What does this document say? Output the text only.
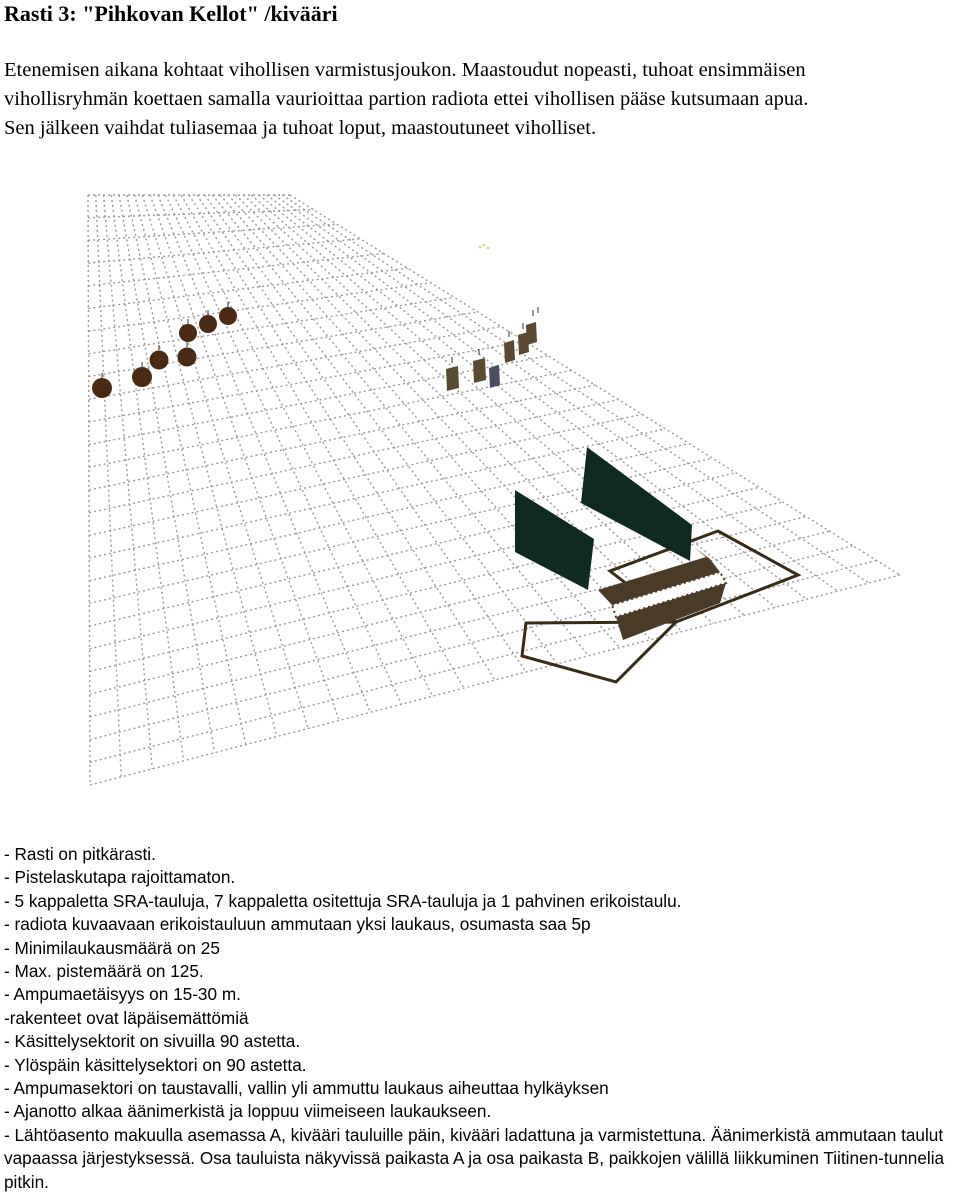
Rasti 3: "Pihkovan Kellot" /kivääri
Etenemisen aikana kohtaat vihollisen varmistusjoukon. Maastoudut nopeasti, tuhoat ensimmäisen
vihollisryhmän koettaen samalla vaurioittaa partion radiota ettei vihollisen pääse kutsumaan apua.
Sen jälkeen vaihdat tuliasemaa ja tuhoat loput, maastoutuneet viholliset.
- Rasti on pitkärasti.
- Pistelaskutapa rajoittamaton.
- 5 kappaletta SRA-tauluja, 7 kappaletta ositettuja SRA-tauluja ja 1 pahvinen erikoistaulu.
- radiota kuvaavaan erikoistauluun ammutaan yksi laukaus, osumasta saa 5p
- Minimilaukausmäärä on 25
- Max. pistemäärä on 125.
- Ampumaetäisyys on 15-30 m.
-rakenteet ovat läpäisemättömiä
- Käsittelysektorit on sivuilla 90 astetta.
- Ylöspäin käsittelysektori on 90 astetta.
- Ampumasektori on taustavalli, vallin yli ammuttu laukaus aiheuttaa hylkäyksen
- Ajanotto alkaa äänimerkistä ja loppuu viimeiseen laukaukseen.
- Lähtöasento makuulla asemassa A, kivääri tauluille päin, kivääri ladattuna ja varmistettuna. Äänimerkistä ammutaan taulut vapaassa järjestyksessä. Osa tauluista näkyvissä paikasta A ja osa paikasta B, paikkojen välillä liikkuminen Tiitinen-tunnelia pitkin.
